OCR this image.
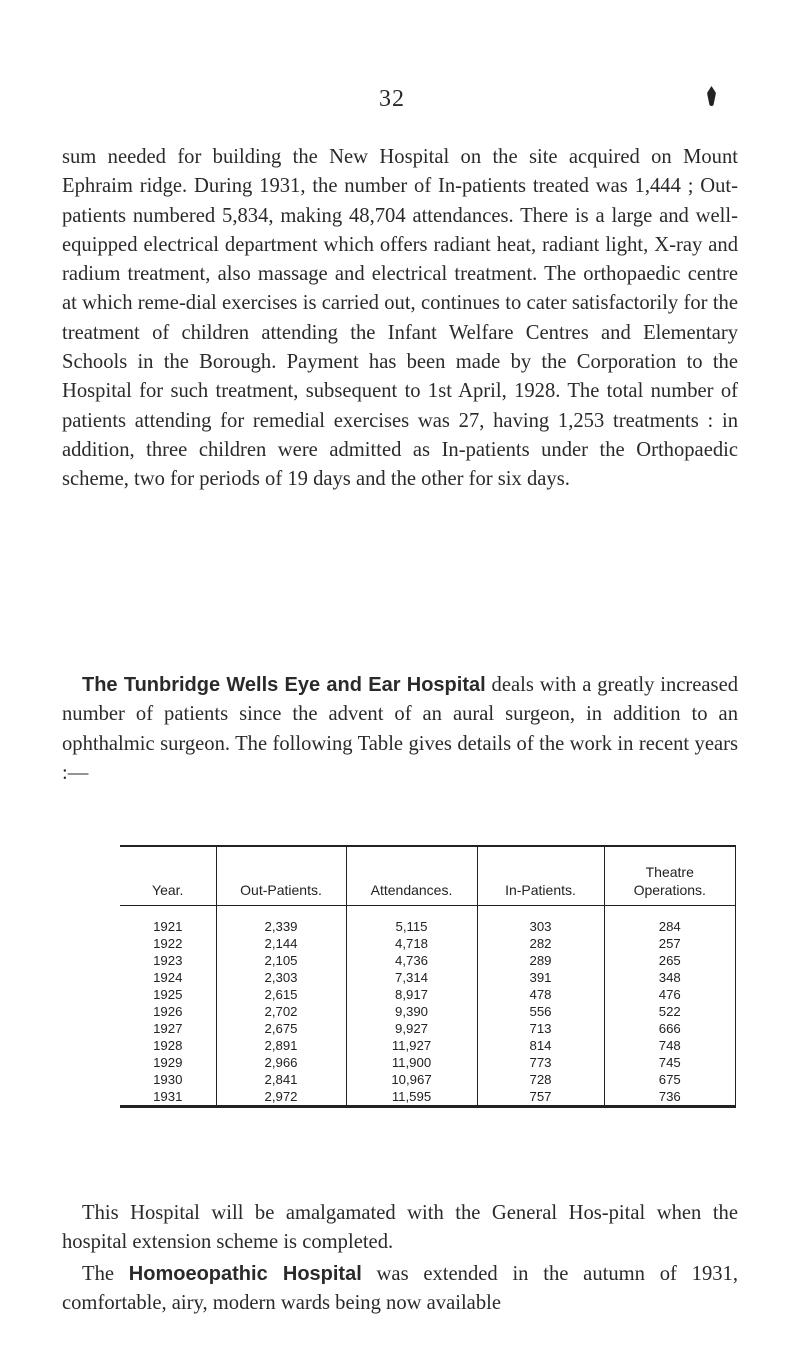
32

sum needed for building the New Hospital on the site acquired on Mount Ephraim ridge. During 1931, the number of In-patients treated was 1,444 ; Out-patients numbered 5,834, making 48,704 attendances. There is a large and well-equipped electrical department which offers radiant heat, radiant light, X-ray and radium treatment, also massage and electrical treatment. The orthopaedic centre at which reme-dial exercises is carried out, continues to cater satisfactorily for the treatment of children attending the Infant Welfare Centres and Elementary Schools in the Borough. Payment has been made by the Corporation to the Hospital for such treatment, subsequent to 1st April, 1928. The total number of patients attending for remedial exercises was 27, having 1,253 treatments : in addition, three children were admitted as In-patients under the Orthopaedic scheme, two for periods of 19 days and the other for six days.

The Tunbridge Wells Eye and Ear Hospital deals with a greatly increased number of patients since the advent of an aural surgeon, in addition to an ophthalmic surgeon. The following Table gives details of the work in recent years :—

Year.	Out-Patients.	Attendances.	In-Patients.	Theatre
Operations.

1921	2,339	5,115	303	284
1922	2,144	4,718	282	257
1923	2,105	4,736	289	265
1924	2,303	7,314	391	348
1925	2,615	8,917	478	476
1926	2,702	9,390	556	522
1927	2,675	9,927	713	666
1928	2,891	11,927	814	748
1929	2,966	11,900	773	745
1930	2,841	10,967	728	675
1931	2,972	11,595	757	736

This Hospital will be amalgamated with the General Hos-pital when the hospital extension scheme is completed.

The Homoeopathic Hospital was extended in the autumn of 1931, comfortable, airy, modern wards being now available
